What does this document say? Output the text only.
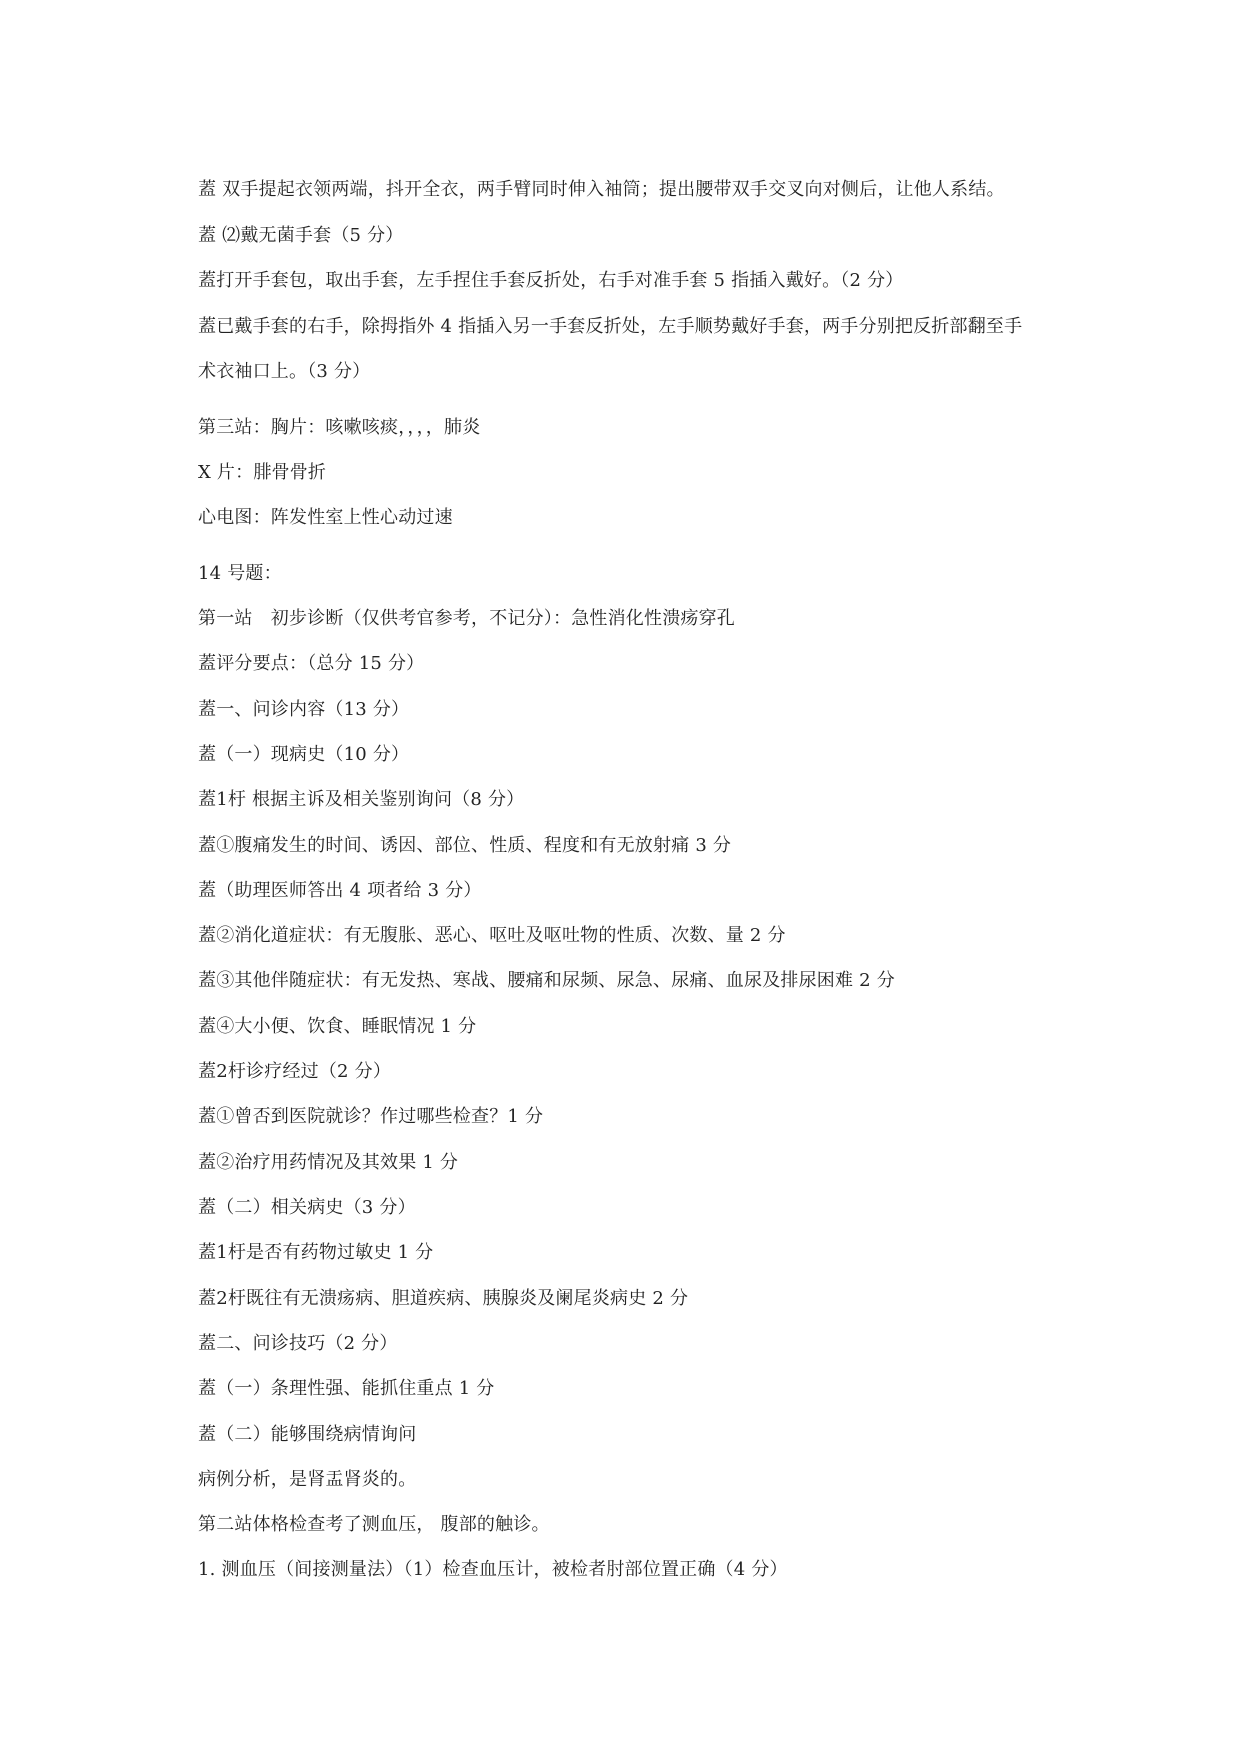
蓋 双手提起衣领两端，抖开全衣，两手臂同时伸入袖筒；提出腰带双手交叉向对侧后，让他人系结。

蓋 ⑵戴无菌手套（5 分）

蓋打开手套包，取出手套，左手捏住手套反折处，右手对准手套 5 指插入戴好。（2 分）

蓋已戴手套的右手，除拇指外 4 指插入另一手套反折处，左手顺势戴好手套，两手分别把反折部翻至手

术衣袖口上。（3 分）

第三站：胸片：咳嗽咳痰，，，，肺炎

X 片：腓骨骨折

心电图：阵发性室上性心动过速

14 号题：

第一站　初步诊断（仅供考官参考，不记分）：急性消化性溃疡穿孔

蓋评分要点：（总分 15 分）

蓋一、问诊内容（13 分）

蓋（一）现病史（10 分）

蓋1杅 根据主诉及相关鉴别询问（8 分）

蓋①腹痛发生的时间、诱因、部位、性质、程度和有无放射痛 3 分

蓋（助理医师答出 4 项者给 3 分）

蓋②消化道症状：有无腹胀、恶心、呕吐及呕吐物的性质、次数、量 2 分

蓋③其他伴随症状：有无发热、寒战、腰痛和尿频、尿急、尿痛、血尿及排尿困难 2 分

蓋④大小便、饮食、睡眠情况 1 分

蓋2杅诊疗经过（2 分）

蓋①曾否到医院就诊？作过哪些检查？1 分

蓋②治疗用药情况及其效果 1 分

蓋（二）相关病史（3 分）

蓋1杅是否有药物过敏史 1 分

蓋2杅既往有无溃疡病、胆道疾病、胰腺炎及阑尾炎病史 2 分

蓋二、问诊技巧（2 分）

蓋（一）条理性强、能抓住重点 1 分

蓋（二）能够围绕病情询问

病例分析，是肾盂肾炎的。

第二站体格检查考了测血压， 腹部的触诊。

1. 测血压（间接测量法）（1）检查血压计，被检者肘部位置正确（4 分）
